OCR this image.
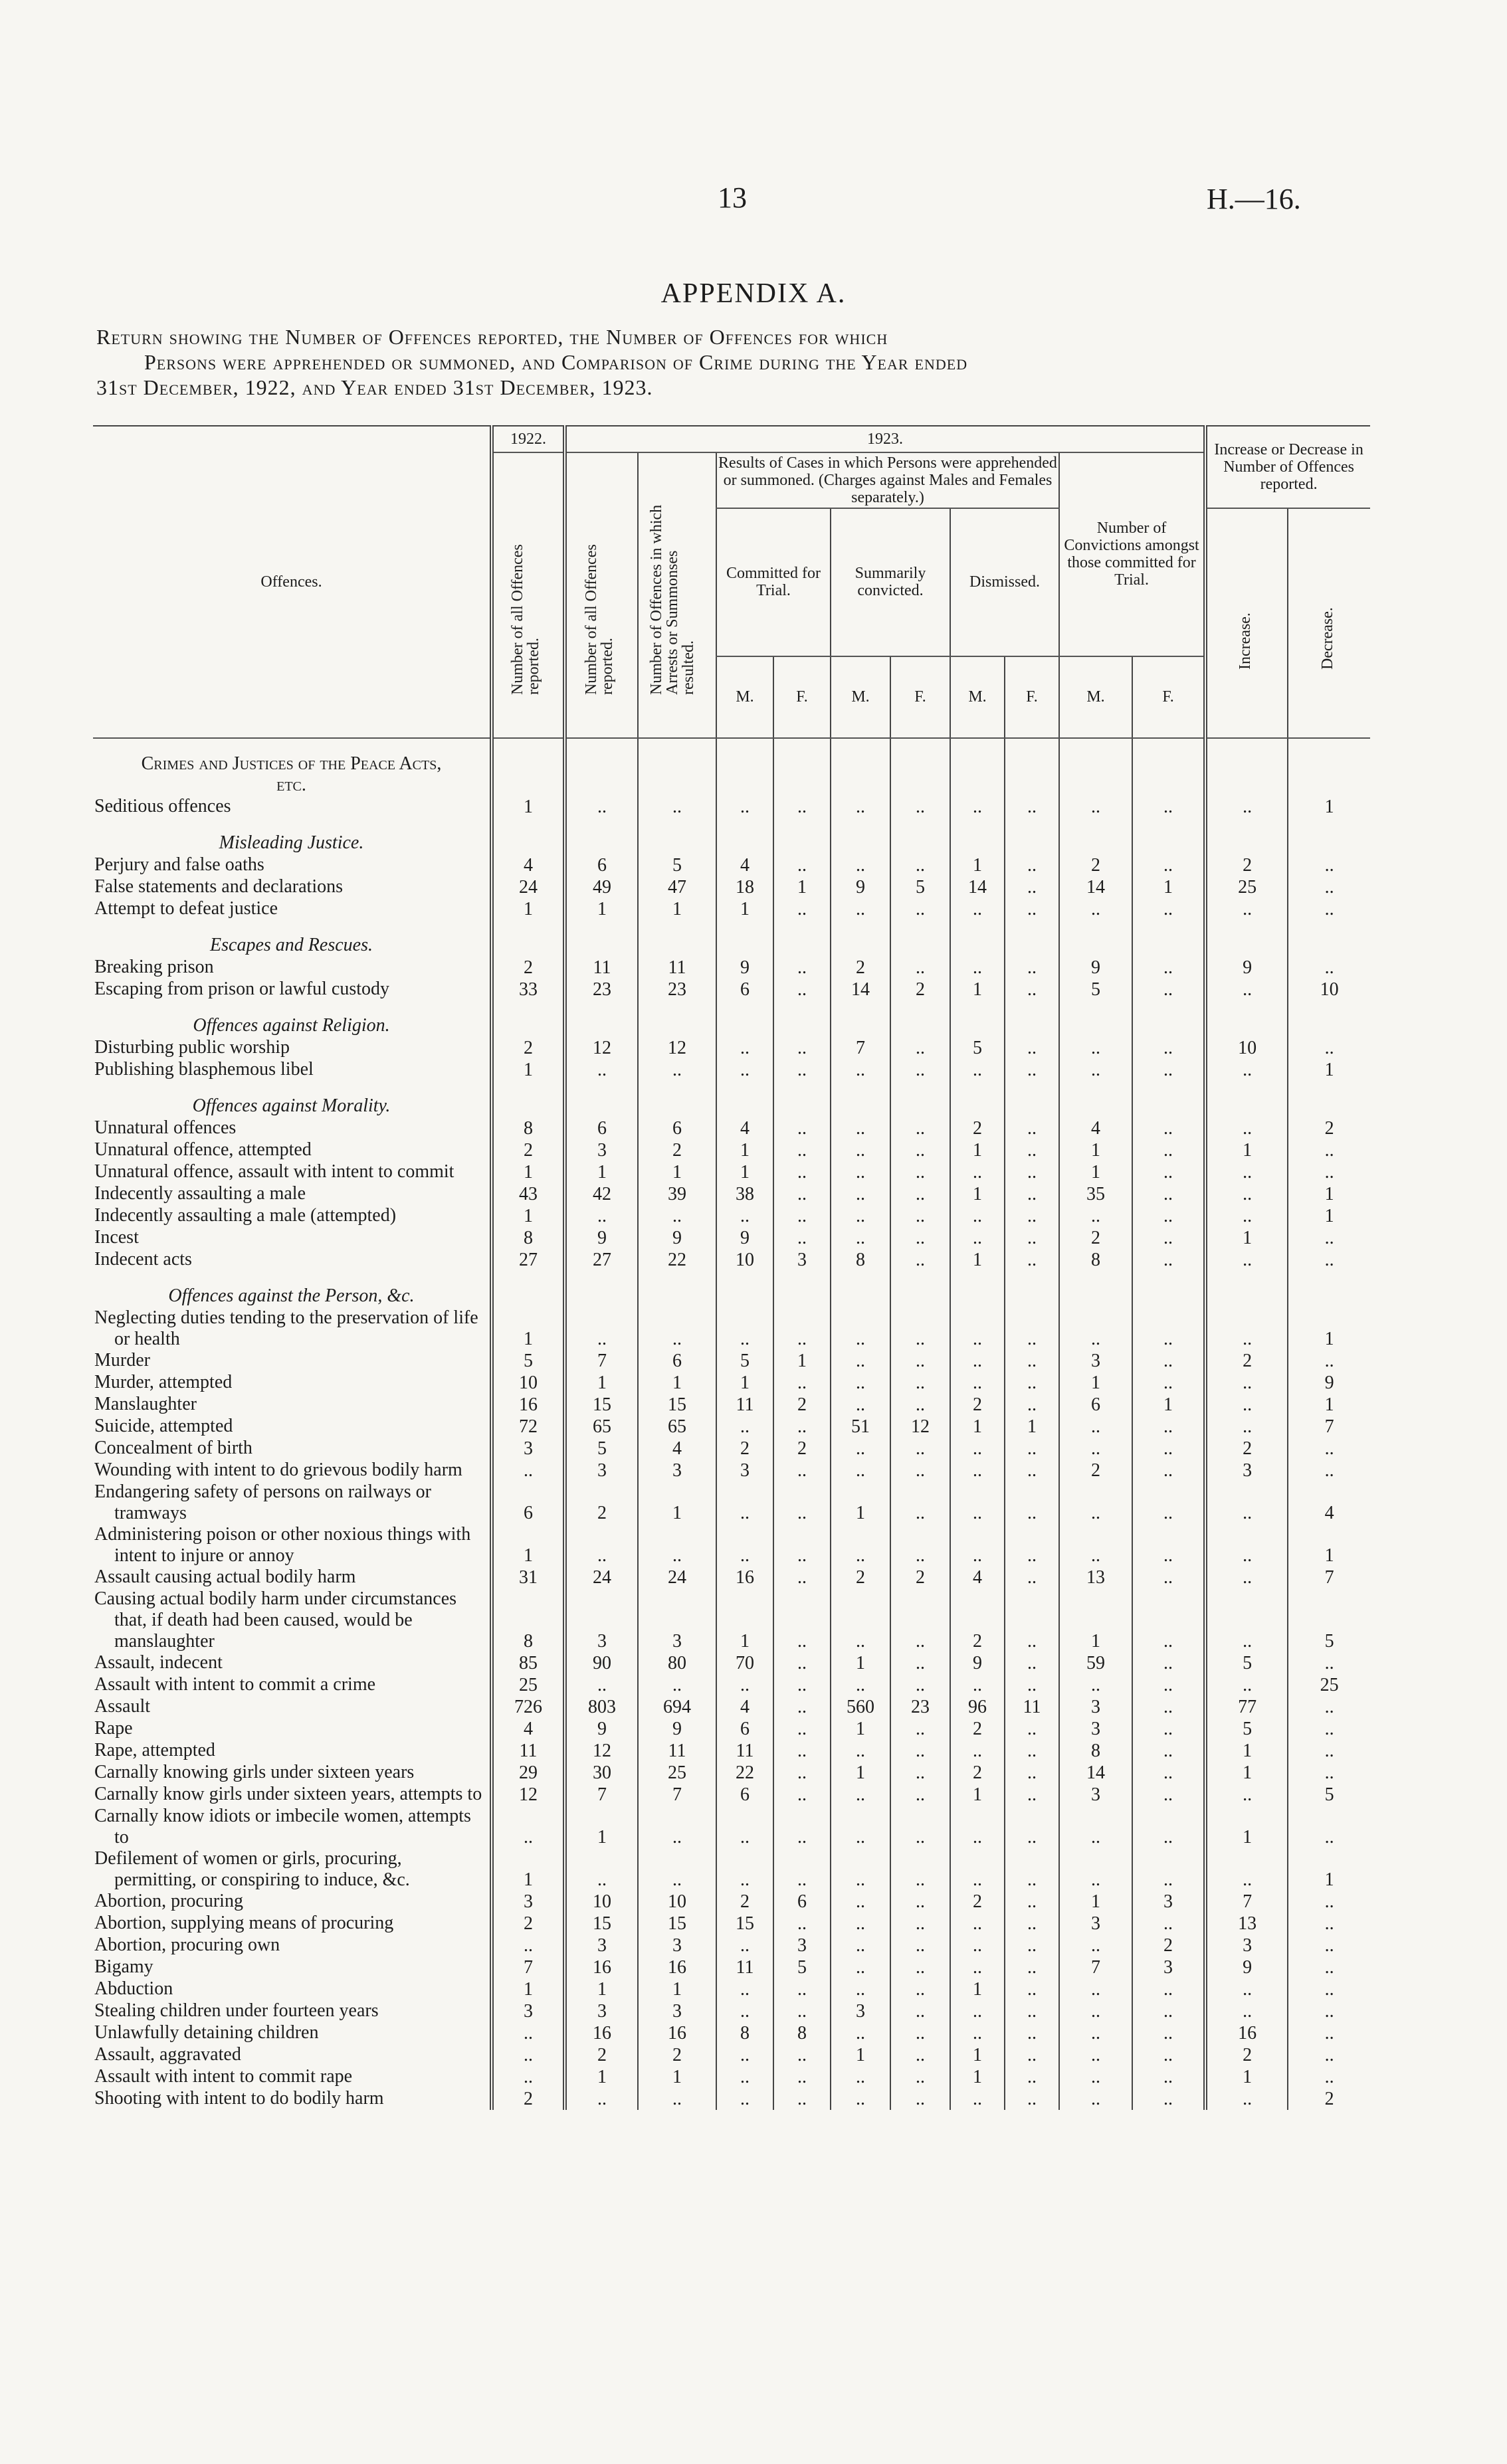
13	H.—16.
APPENDIX A.
Return showing the Number of Offences reported, the Number of Offences for which
Persons were apprehended or summoned, and Comparison of Crime during the Year ended
31st December, 1922, and Year ended 31st December, 1923.
Offences.	1922.	1923.										Increase or Decrease in Number of Offences reported.	

	Number of all Offences reported.	Number of all Offences reported.	Number of Offences in which Arrests or Summonses resulted.	Results of Cases in which Persons were apprehended or summoned. (Charges against Males and Females separately.)						Number of Convictions amongst those committed for Trial.			
				Committed for Trial.		Summarily convicted.		Dismissed.				Increase.	Decrease.

				M.	F.	M.	F.	M.	F.	M.	F.		
Crimes and Justices of the Peace Acts, etc.													
Seditious offences	1	..	..	..	..	..	..	..	..	..	..	..	1
Misleading Justice.													
Perjury and false oaths	4	6	5	4	..	..	..	1	..	2	..	2	..
False statements and declarations	24	49	47	18	1	9	5	14	..	14	1	25	..
Attempt to defeat justice	1	1	1	1	..	..	..	..	..	..	..	..	..
Escapes and Rescues.													
Breaking prison	2	11	11	9	..	2	..	..	..	9	..	9	..
Escaping from prison or lawful custody	33	23	23	6	..	14	2	1	..	5	..	..	10
Offences against Religion.													
Disturbing public worship	2	12	12	..	..	7	..	5	..	..	..	10	..
Publishing blasphemous libel	1	..	..	..	..	..	..	..	..	..	..	..	1
Offences against Morality.													
Unnatural offences	8	6	6	4	..	..	..	2	..	4	..	..	2
Unnatural offence, attempted	2	3	2	1	..	..	..	1	..	1	..	1	..
Unnatural offence, assault with intent to commit	1	1	1	1	..	..	..	..	..	1	..	..	..
Indecently assaulting a male	43	42	39	38	..	..	..	1	..	35	..	..	1
Indecently assaulting a male (attempted)	1	..	..	..	..	..	..	..	..	..	..	..	1
Incest	8	9	9	9	..	..	..	..	..	2	..	1	..
Indecent acts	27	27	22	10	3	8	..	1	..	8	..	..	..
Offences against the Person, &c.													
Neglecting duties tending to the preservation of life or health	1	..	..	..	..	..	..	..	..	..	..	..	1
Murder	5	7	6	5	1	..	..	..	..	3	..	2	..
Murder, attempted	10	1	1	1	..	..	..	..	..	1	..	..	9
Manslaughter	16	15	15	11	2	..	..	2	..	6	1	..	1
Suicide, attempted	72	65	65	..	..	51	12	1	1	..	..	..	7
Concealment of birth	3	5	4	2	2	..	..	..	..	..	..	2	..
Wounding with intent to do grievous bodily harm	..	3	3	3	..	..	..	..	..	2	..	3	..
Endangering safety of persons on railways or tramways	6	2	1	..	..	1	..	..	..	..	..	..	4
Administering poison or other noxious things with intent to injure or annoy	1	..	..	..	..	..	..	..	..	..	..	..	1
Assault causing actual bodily harm	31	24	24	16	..	2	2	4	..	13	..	..	7
Causing actual bodily harm under circumstances that, if death had been caused, would be manslaughter	8	3	3	1	..	..	..	2	..	1	..	..	5
Assault, indecent	85	90	80	70	..	1	..	9	..	59	..	5	..
Assault with intent to commit a crime	25	..	..	..	..	..	..	..	..	..	..	..	25
Assault	726	803	694	4	..	560	23	96	11	3	..	77	..
Rape	4	9	9	6	..	1	..	2	..	3	..	5	..
Rape, attempted	11	12	11	11	..	..	..	..	..	8	..	1	..
Carnally knowing girls under sixteen years	29	30	25	22	..	1	..	2	..	14	..	1	..
Carnally know girls under sixteen years, attempts to	12	7	7	6	..	..	..	1	..	3	..	..	5
Carnally know idiots or imbecile women, attempts to	..	1	..	..	..	..	..	..	..	..	..	1	..
Defilement of women or girls, procuring, permitting, or conspiring to induce, &c.	1	..	..	..	..	..	..	..	..	..	..	..	1
Abortion, procuring	3	10	10	2	6	..	..	2	..	1	3	7	..
Abortion, supplying means of procuring	2	15	15	15	..	..	..	..	..	3	..	13	..
Abortion, procuring own	..	3	3	..	3	..	..	..	..	..	2	3	..
Bigamy	7	16	16	11	5	..	..	..	..	7	3	9	..
Abduction	1	1	1	..	..	..	..	1	..	..	..	..	..
Stealing children under fourteen years	3	3	3	..	..	3	..	..	..	..	..	..	..
Unlawfully detaining children	..	16	16	8	8	..	..	..	..	..	..	16	..
Assault, aggravated	..	2	2	..	..	1	..	1	..	..	..	2	..
Assault with intent to commit rape	..	1	1	..	..	..	..	1	..	..	..	1	..
Shooting with intent to do bodily harm	2	..	..	..	..	..	..	..	..	..	..	..	2
